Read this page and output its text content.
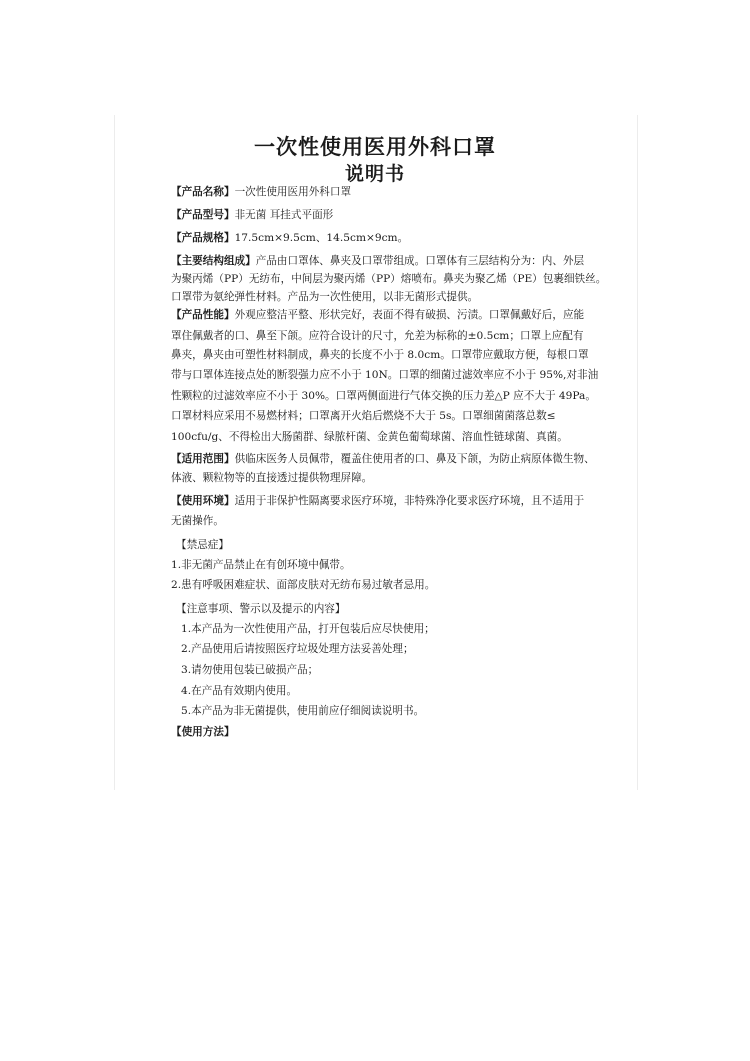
一次性使用医用外科口罩
说明书
【产品名称】一次性使用医用外科口罩
【产品型号】非无菌 耳挂式平面形
【产品规格】17.5cm×9.5cm、14.5cm×9cm。
【主要结构组成】产品由口罩体、鼻夹及口罩带组成。口罩体有三层结构分为：内、外层
为聚丙烯（PP）无纺布，中间层为聚丙烯（PP）熔喷布。鼻夹为聚乙烯（PE）包裹细铁丝。
口罩带为氨纶弹性材料。产品为一次性使用，以非无菌形式提供。
【产品性能】外观应整洁平整、形状完好，表面不得有破损、污渍。口罩佩戴好后，应能
罩住佩戴者的口、鼻至下颌。应符合设计的尺寸，允差为标称的±0.5cm；口罩上应配有
鼻夹，鼻夹由可塑性材料制成，鼻夹的长度不小于 8.0cm。口罩带应戴取方便，每根口罩
带与口罩体连接点处的断裂强力应不小于 10N。口罩的细菌过滤效率应不小于 95%,对非油
性颗粒的过滤效率应不小于 30%。口罩两侧面进行气体交换的压力差△P 应不大于 49Pa。
口罩材料应采用不易燃材料；口罩离开火焰后燃烧不大于 5s。口罩细菌菌落总数≤
100cfu/g、不得检出大肠菌群、绿脓杆菌、金黄色葡萄球菌、溶血性链球菌、真菌。
【适用范围】供临床医务人员佩带，覆盖住使用者的口、鼻及下颌，为防止病原体微生物、
体液、颗粒物等的直接透过提供物理屏障。
【使用环境】适用于非保护性隔离要求医疗环境，非特殊净化要求医疗环境，且不适用于
无菌操作。
【禁忌症】
1.非无菌产品禁止在有创环境中佩带。
2.患有呼吸困难症状、面部皮肤对无纺布易过敏者忌用。
【注意事项、警示以及提示的内容】
1.本产品为一次性使用产品，打开包装后应尽快使用；
2.产品使用后请按照医疗垃圾处理方法妥善处理；
3.请勿使用包装已破损产品；
4.在产品有效期内使用。
5.本产品为非无菌提供，使用前应仔细阅读说明书。
【使用方法】
